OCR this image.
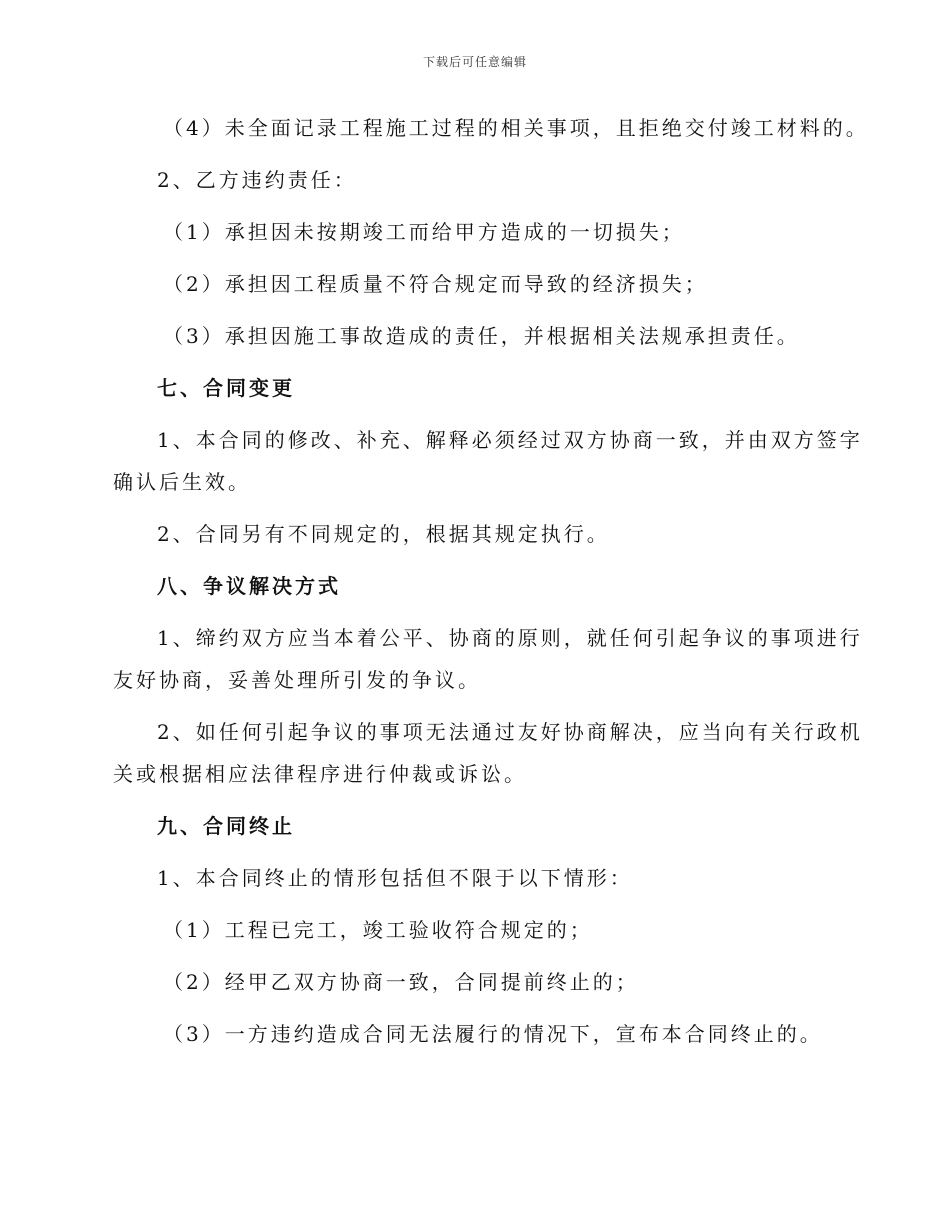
下载后可任意编辑
（4）未全面记录工程施工过程的相关事项，且拒绝交付竣工材料的。
2、乙方违约责任：
（1）承担因未按期竣工而给甲方造成的一切损失；
（2）承担因工程质量不符合规定而导致的经济损失；
（3）承担因施工事故造成的责任，并根据相关法规承担责任。
七、合同变更
1、本合同的修改、补充、解释必须经过双方协商一致，并由双方签字
确认后生效。
2、合同另有不同规定的，根据其规定执行。
八、争议解决方式
1、缔约双方应当本着公平、协商的原则，就任何引起争议的事项进行
友好协商，妥善处理所引发的争议。
2、如任何引起争议的事项无法通过友好协商解决，应当向有关行政机
关或根据相应法律程序进行仲裁或诉讼。
九、合同终止
1、本合同终止的情形包括但不限于以下情形：
（1）工程已完工，竣工验收符合规定的；
（2）经甲乙双方协商一致，合同提前终止的；
（3）一方违约造成合同无法履行的情况下，宣布本合同终止的。
